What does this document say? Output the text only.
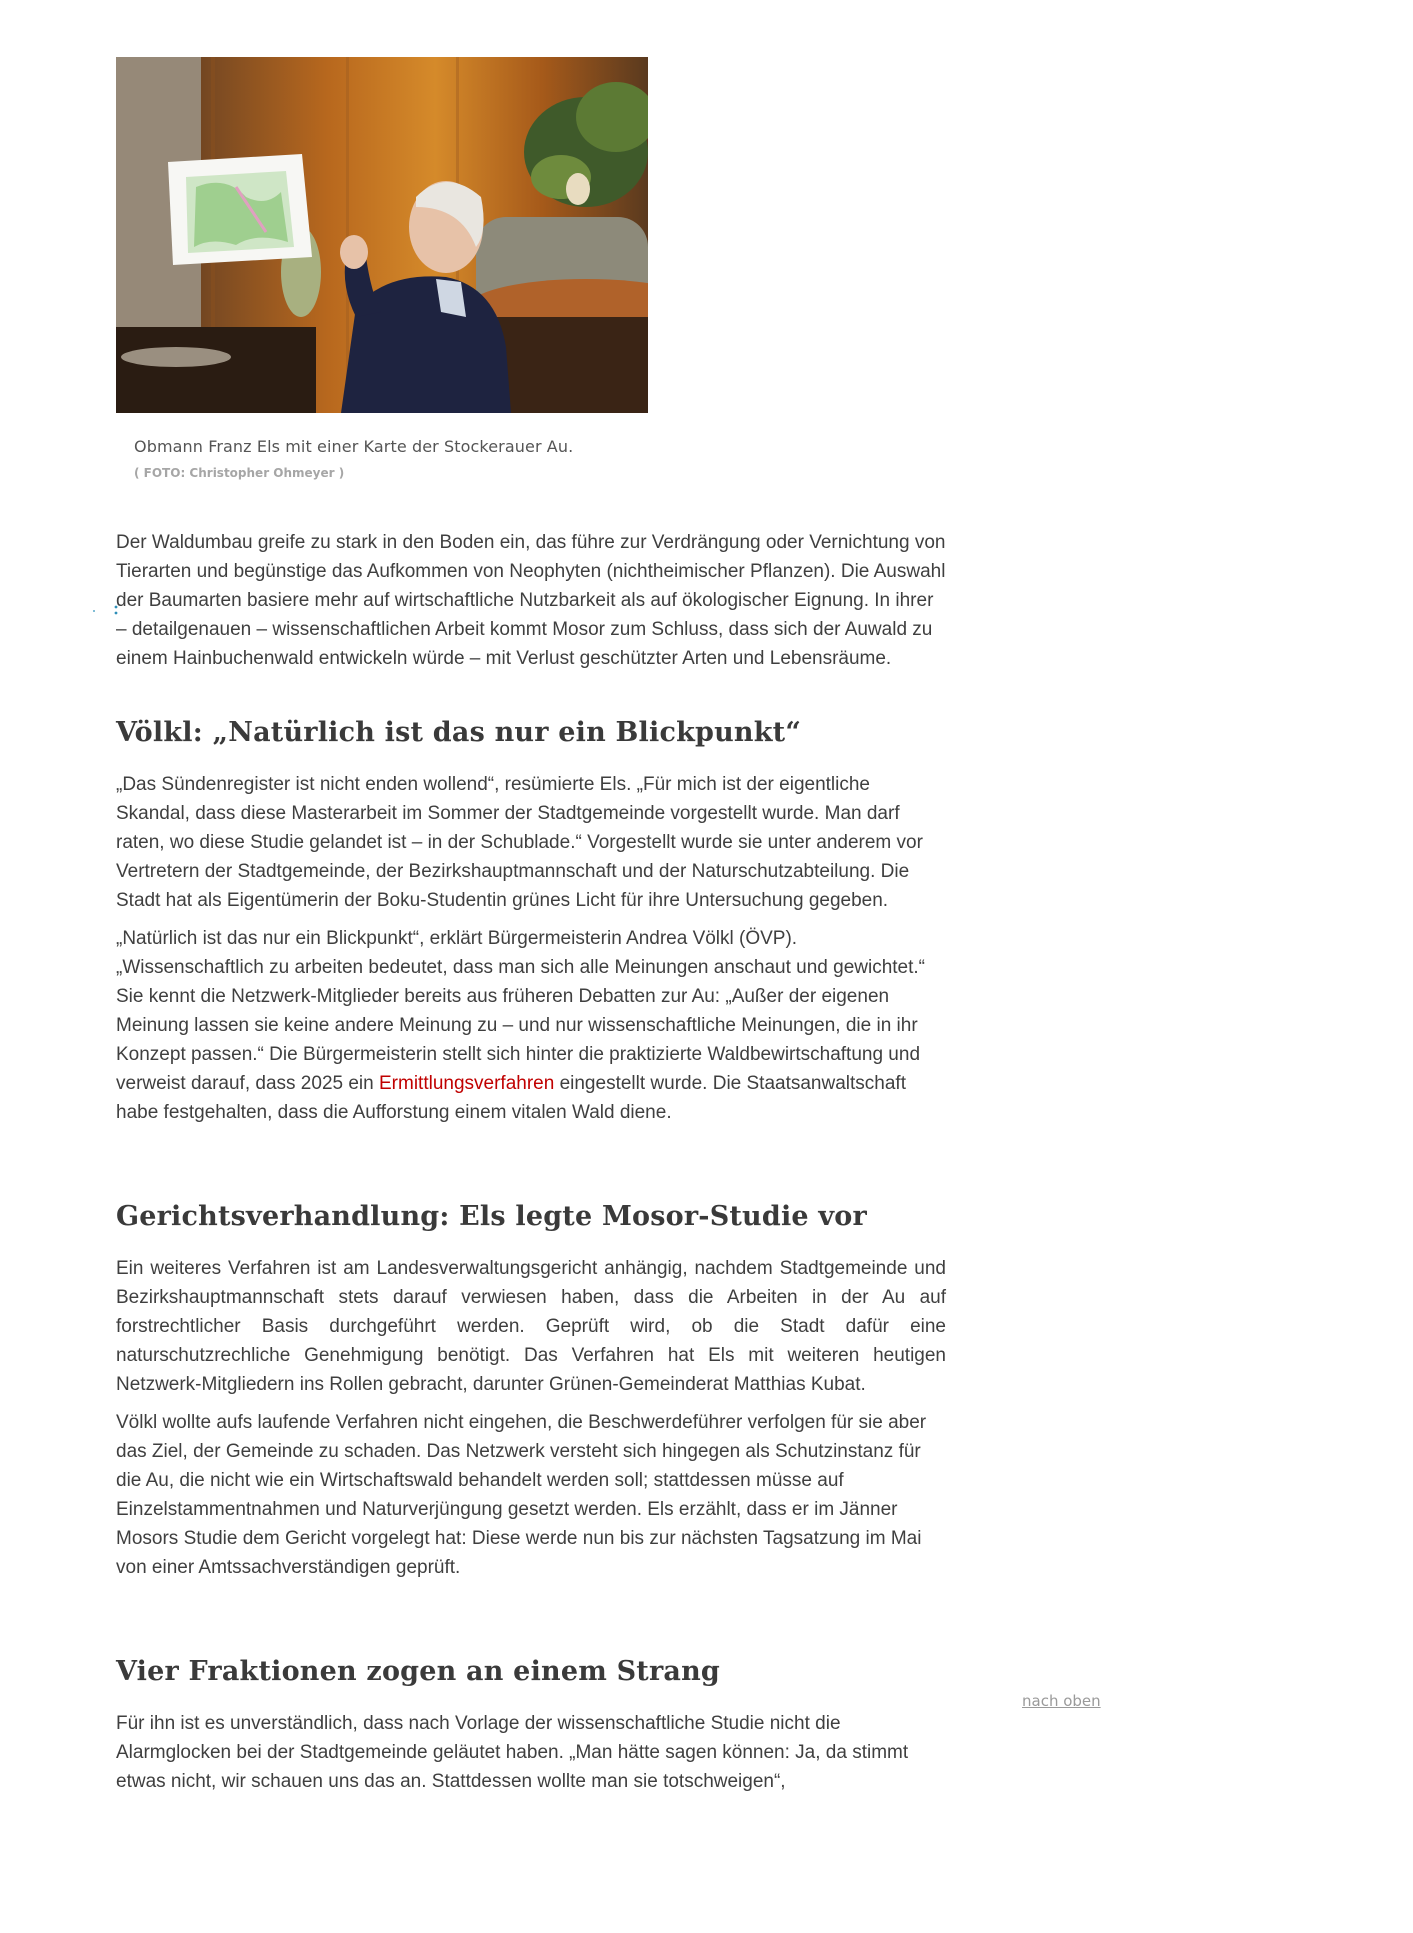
Obmann Franz Els mit einer Karte der Stockerauer Au.
( FOTO: Christopher Ohmeyer )

Der Waldumbau greife zu stark in den Boden ein, das führe zur Verdrängung oder Vernichtung von Tierarten und begünstige das Aufkommen von Neophyten (nichtheimischer Pflanzen). Die Auswahl der Baumarten basiere mehr auf wirtschaftliche Nutzbarkeit als auf ökologischer Eignung. In ihrer – detailgenauen – wissenschaftlichen Arbeit kommt Mosor zum Schluss, dass sich der Auwald zu einem Hainbuchenwald entwickeln würde – mit Verlust geschützter Arten und Lebensräume.

Völkl: „Natürlich ist das nur ein Blickpunkt“

„Das Sündenregister ist nicht enden wollend“, resümierte Els. „Für mich ist der eigentliche Skandal, dass diese Masterarbeit im Sommer der Stadtgemeinde vorgestellt wurde. Man darf raten, wo diese Studie gelandet ist – in der Schublade.“ Vorgestellt wurde sie unter anderem vor Vertretern der Stadtgemeinde, der Bezirkshauptmannschaft und der Naturschutzabteilung. Die Stadt hat als Eigentümerin der Boku-Studentin grünes Licht für ihre Untersuchung gegeben.

„Natürlich ist das nur ein Blickpunkt“, erklärt Bürgermeisterin Andrea Völkl (ÖVP). „Wissenschaftlich zu arbeiten bedeutet, dass man sich alle Meinungen anschaut und gewichtet.“ Sie kennt die Netzwerk-Mitglieder bereits aus früheren Debatten zur Au: „Außer der eigenen Meinung lassen sie keine andere Meinung zu – und nur wissenschaftliche Meinungen, die in ihr Konzept passen.“ Die Bürgermeisterin stellt sich hinter die praktizierte Waldbewirtschaftung und verweist darauf, dass 2025 ein Ermittlungsverfahren eingestellt wurde. Die Staatsanwaltschaft habe festgehalten, dass die Aufforstung einem vitalen Wald diene.

Gerichtsverhandlung: Els legte Mosor-Studie vor

Ein weiteres Verfahren ist am Landesverwaltungsgericht anhängig, nachdem Stadtgemeinde und Bezirkshauptmannschaft stets darauf verwiesen haben, dass die Arbeiten in der Au auf forstrechtlicher Basis durchgeführt werden. Geprüft wird, ob die Stadt dafür eine naturschutzrechliche Genehmigung benötigt. Das Verfahren hat Els mit weiteren heutigen Netzwerk-Mitgliedern ins Rollen gebracht, darunter Grünen-Gemeinderat Matthias Kubat.

Völkl wollte aufs laufende Verfahren nicht eingehen, die Beschwerdeführer verfolgen für sie aber das Ziel, der Gemeinde zu schaden. Das Netzwerk versteht sich hingegen als Schutzinstanz für die Au, die nicht wie ein Wirtschaftswald behandelt werden soll; stattdessen müsse auf Einzelstammentnahmen und Naturverjüngung gesetzt werden. Els erzählt, dass er im Jänner Mosors Studie dem Gericht vorgelegt hat: Diese werde nun bis zur nächsten Tagsatzung im Mai von einer Amtssachverständigen geprüft.

Vier Fraktionen zogen an einem Strang

Für ihn ist es unverständlich, dass nach Vorlage der wissenschaftliche Studie nicht die Alarmglocken bei der Stadtgemeinde geläutet haben. „Man hätte sagen können: Ja, da stimmt etwas nicht, wir schauen uns das an. Stattdessen wollte man sie totschweigen“,

nach oben
